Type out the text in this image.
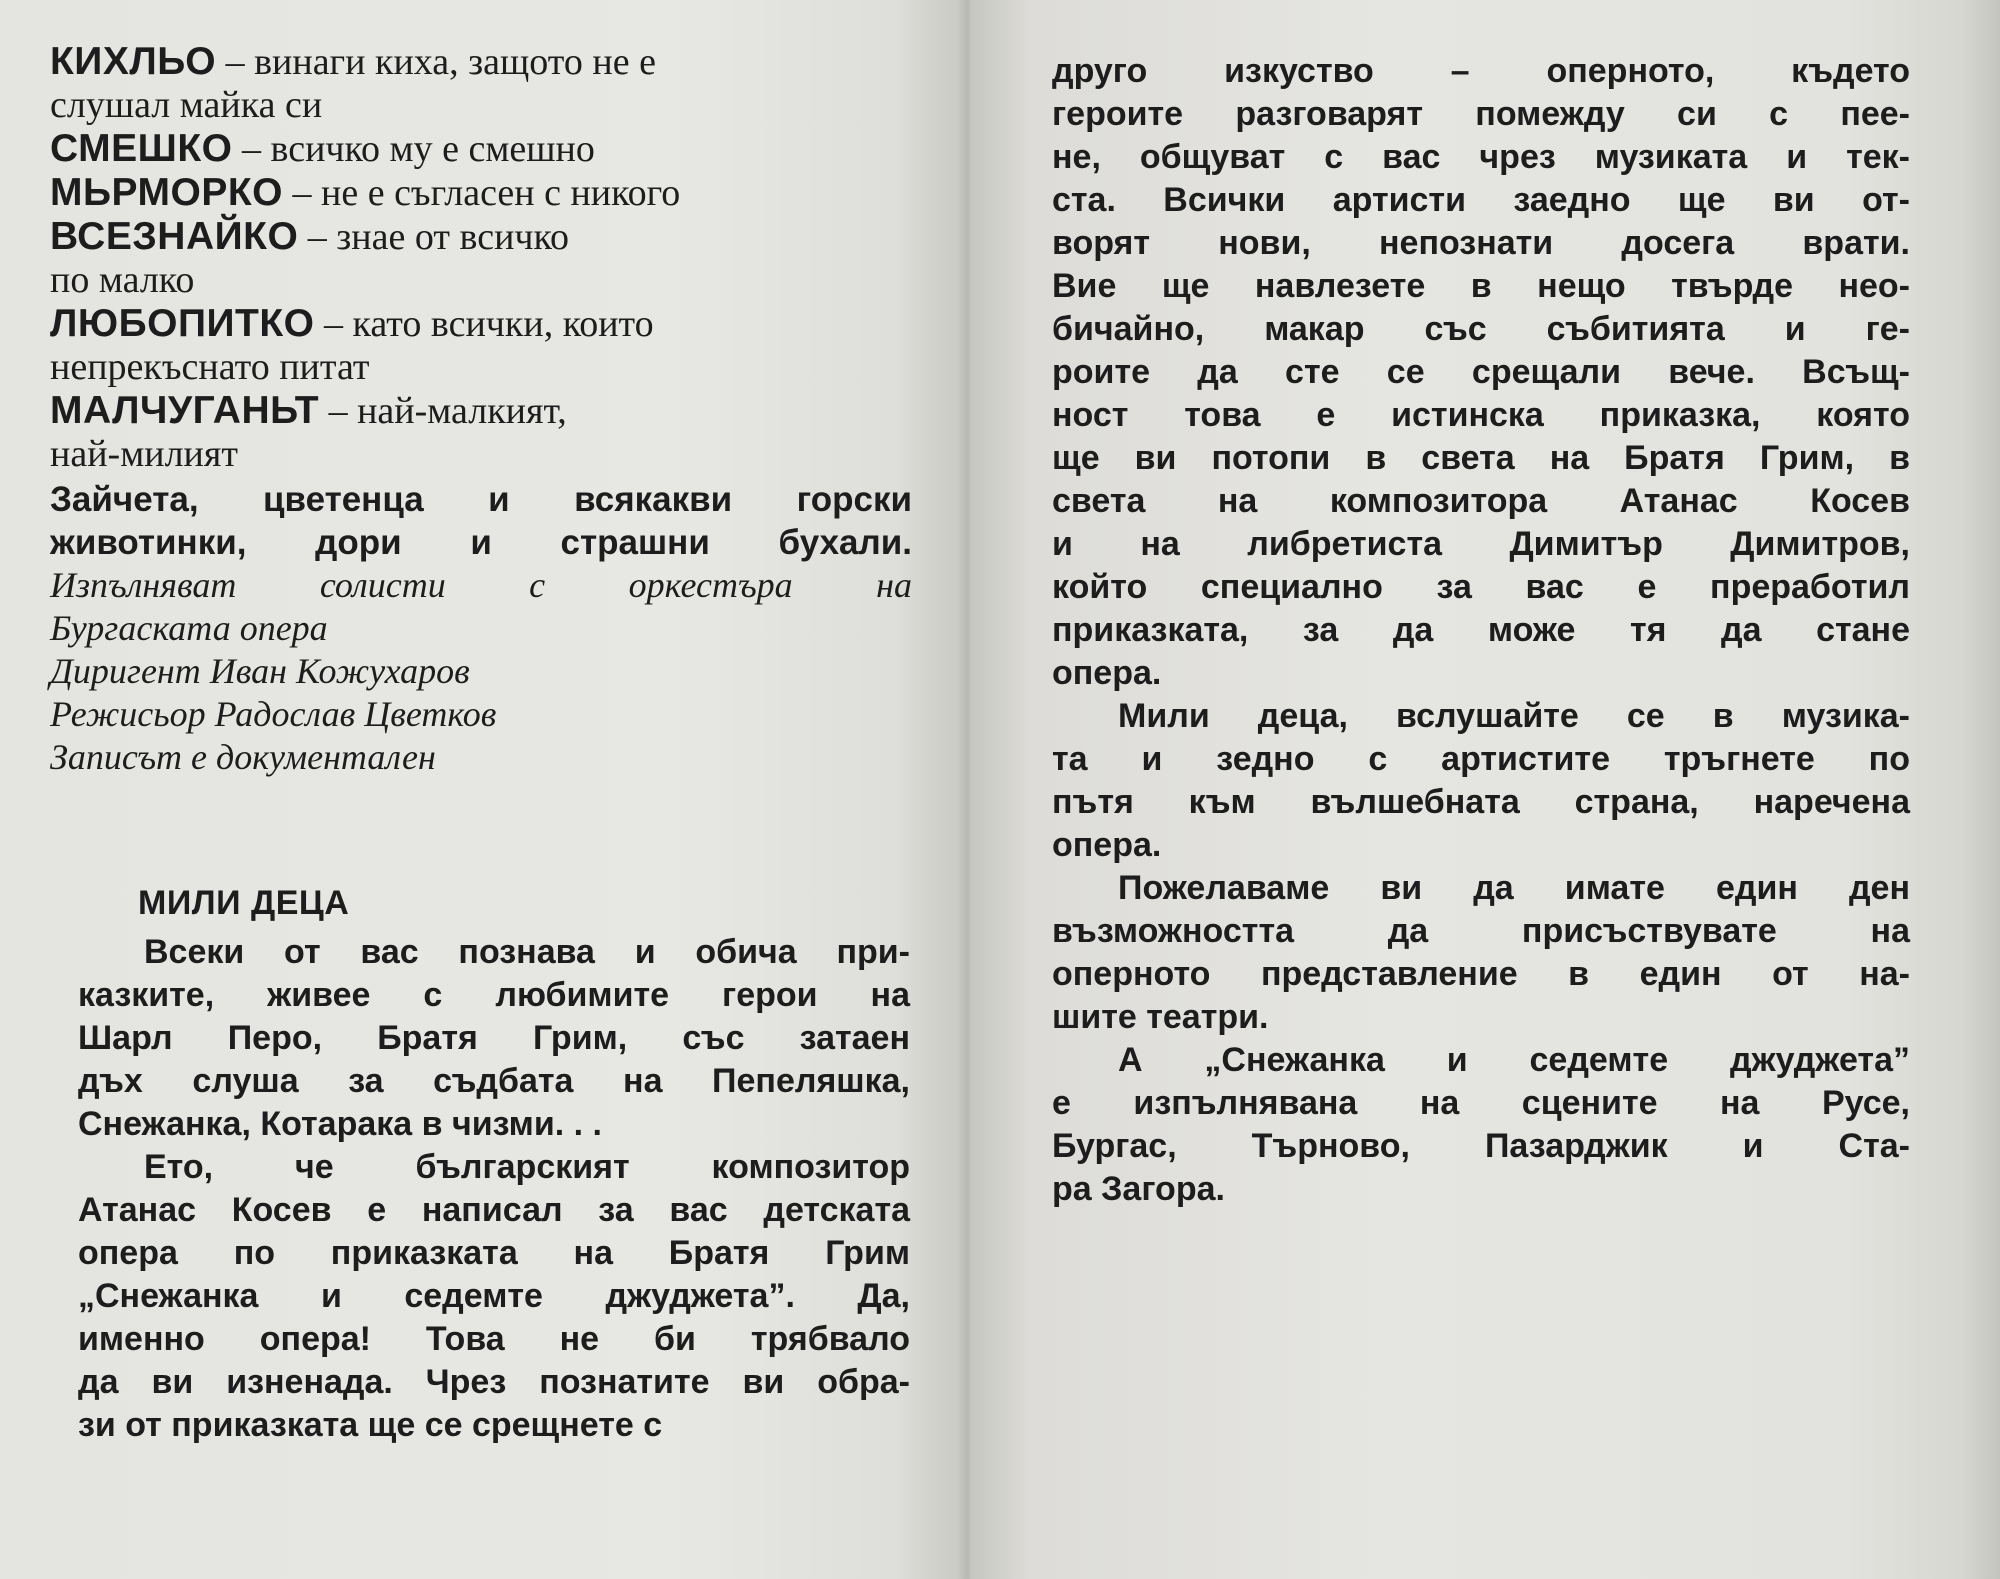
КИХЛЬО – винаги киха, защото не е

слушал майка си

СМЕШКО – всичко му е смешно

МЬРМОРКО – не е съгласен с никого

ВСЕЗНАЙКО – знае от всичко

по малко

ЛЮБОПИТКО – като всички, които

непрекъснато питат

МАЛЧУГАНЬТ – най-малкият,

най-милият

Зайчета, цветенца и всякакви горски
животинки, дори и страшни бухали.

Изпълняват солисти с оркестъра на

Бургаската опера

Диригент Иван Кожухаров

Режисьор Радослав Цветков

Записът е документален

МИЛИ ДЕЦА

Всеки от вас познава и обича при-
казките, живее с любимите герои на
Шарл Перо, Братя Грим, със затаен
дъх слуша за съдбата на Пепеляшка,
Снежанка, Котарака в чизми. . .

Ето, че българският композитор
Атанас Косев е написал за вас детската
опера по приказката на Братя Грим
„Снежанка и седемте джуджета”. Да,
именно опера! Това не би трябвало
да ви изненада. Чрез познатите ви обра-
зи от приказката ще се срещнете с

друго изкуство – оперното, където
героите разговарят помежду си с пее-
не, общуват с вас чрез музиката и тек-
ста. Всички артисти заедно ще ви от-
ворят нови, непознати досега врати.
Вие ще навлезете в нещо твърде нео-
бичайно, макар със събитията и ге-
роите да сте се срещали вече. Всъщ-
ност това е истинска приказка, която
ще ви потопи в света на Братя Грим, в
света на композитора Атанас Косев
и на либретиста Димитър Димитров,
който специално за вас е преработил
приказката, за да може тя да стане
опера.

Мили деца, вслушайте се в музика-
та и зедно с артистите тръгнете по
пътя към вълшебната страна, наречена
опера.

Пожелаваме ви да имате един ден
възможността да присъствувате на
оперното представление в един от на-
шите театри.

А „Снежанка и седемте джуджета”
е изпълнявана на сцените на Русе,
Бургас, Търново, Пазарджик и Ста-
ра Загора.
